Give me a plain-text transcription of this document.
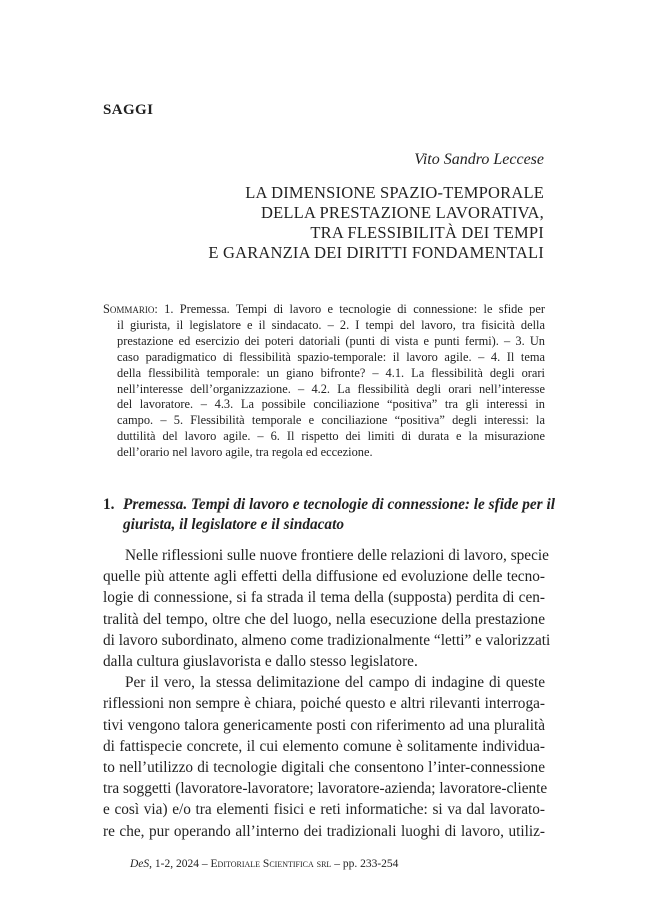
SAGGI

Vito Sandro Leccese

LA DIMENSIONE SPAZIO-TEMPORALE
DELLA PRESTAZIONE LAVORATIVA,
TRA FLESSIBILITÀ DEI TEMPI
E GARANZIA DEI DIRITTI FONDAMENTALI
Sommario: 1. Premessa. Tempi di lavoro e tecnologie di connessione: le sfide per
il giurista, il legislatore e il sindacato. – 2. I tempi del lavoro, tra fisicità della
prestazione ed esercizio dei poteri datoriali (punti di vista e punti fermi). – 3. Un
caso paradigmatico di flessibilità spazio-temporale: il lavoro agile. – 4. Il tema
della flessibilità temporale: un giano bifronte? – 4.1. La flessibilità degli orari
nell’interesse dell’organizzazione. – 4.2. La flessibilità degli orari nell’interesse
del lavoratore. – 4.3. La possibile conciliazione “positiva” tra gli interessi in
campo. – 5. Flessibilità temporale e conciliazione “positiva” degli interessi: la
duttilità del lavoro agile. – 6. Il rispetto dei limiti di durata e la misurazione
dell’orario nel lavoro agile, tra regola ed eccezione.
1. Premessa. Tempi di lavoro e tecnologie di connessione: le sfide per il
giurista, il legislatore e il sindacato
Nelle riflessioni sulle nuove frontiere delle relazioni di lavoro, specie
quelle più attente agli effetti della diffusione ed evoluzione delle tecno-
logie di connessione, si fa strada il tema della (supposta) perdita di cen-
tralità del tempo, oltre che del luogo, nella esecuzione della prestazione
di lavoro subordinato, almeno come tradizionalmente “letti” e valorizzati
dalla cultura giuslavorista e dallo stesso legislatore.
Per il vero, la stessa delimitazione del campo di indagine di queste
riflessioni non sempre è chiara, poiché questo e altri rilevanti interroga-
tivi vengono talora genericamente posti con riferimento ad una pluralità
di fattispecie concrete, il cui elemento comune è solitamente individua-
to nell’utilizzo di tecnologie digitali che consentono l’inter-connessione
tra soggetti (lavoratore-lavoratore; lavoratore-azienda; lavoratore-cliente
e così via) e/o tra elementi fisici e reti informatiche: si va dal lavorato-
re che, pur operando all’interno dei tradizionali luoghi di lavoro, utiliz-

DeS, 1-2, 2024 – Editoriale Scientifica srl – pp. 233-254
